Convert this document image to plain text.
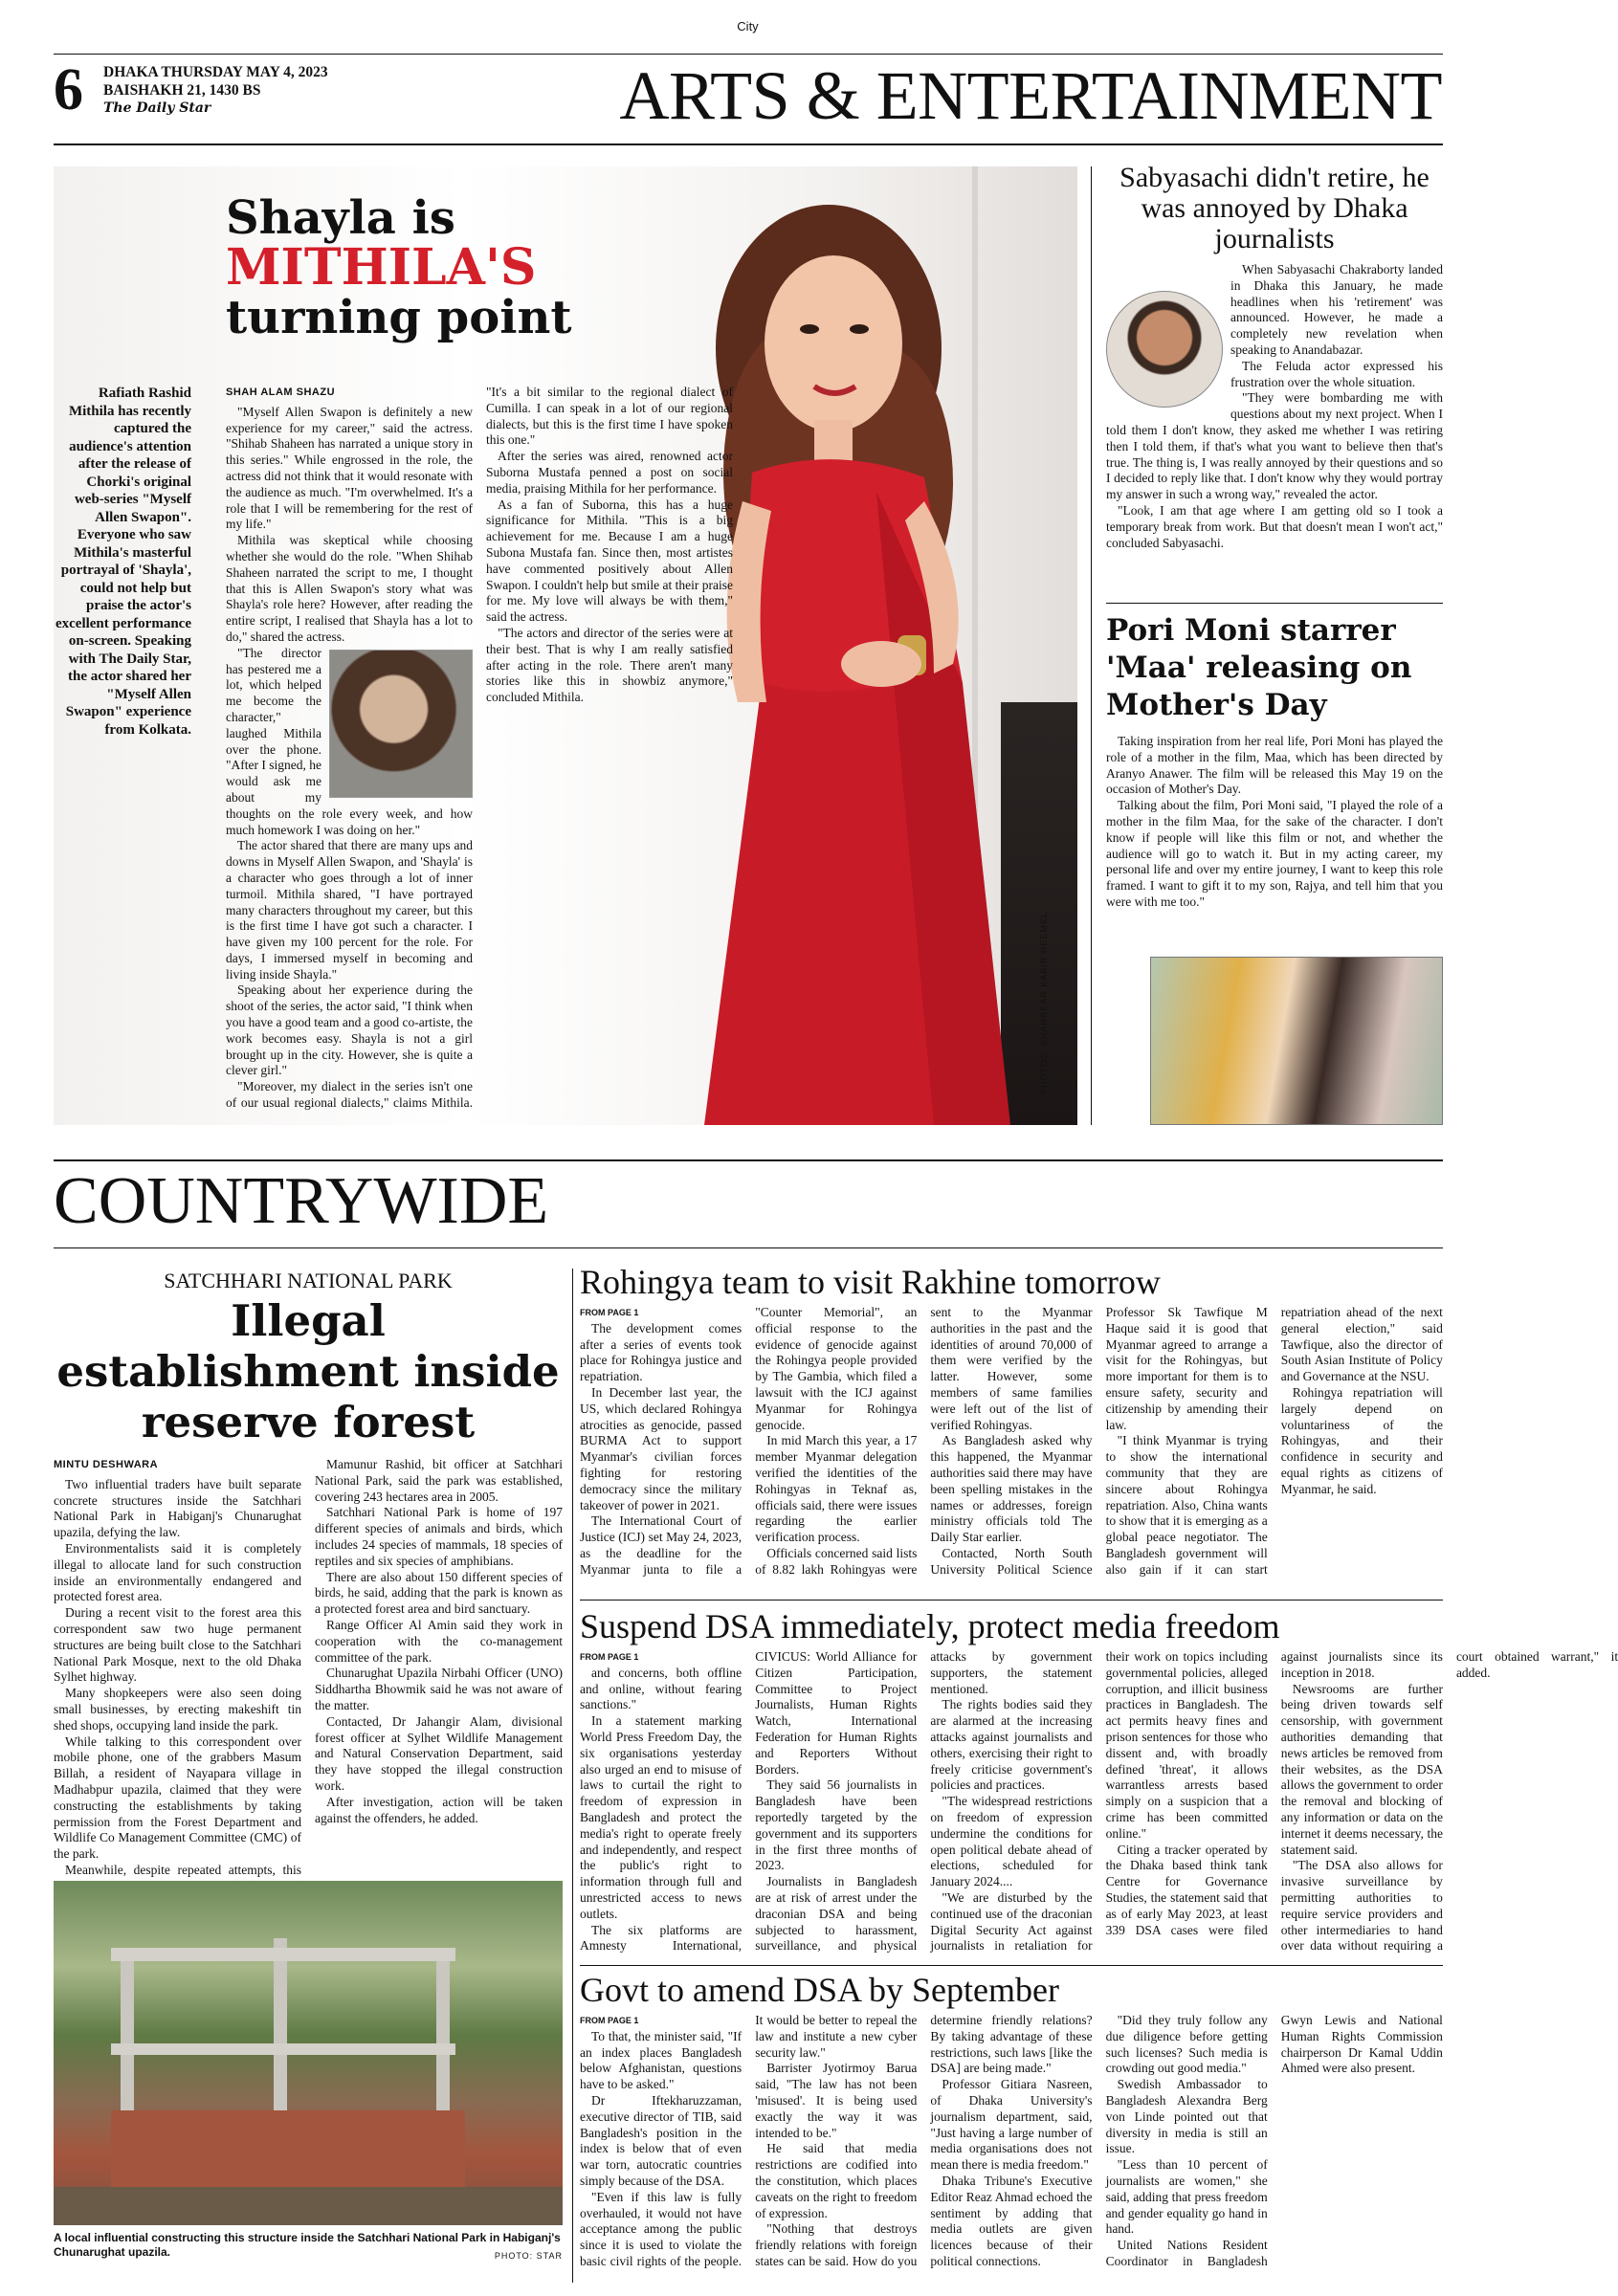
City
6 DHAKA THURSDAY MAY 4, 2023
BAISHAKH 21, 1430 BS
The Daily Star	ARTS & ENTERTAINMENT
PHOTOS: SHAHREAR KABIR HEEMEL
Shayla is
MITHILA'S
turning point
Rafiath Rashid Mithila has recently captured the audience's attention after the release of Chorki's original web-series "Myself Allen Swapon". Everyone who saw Mithila's masterful portrayal of 'Shayla', could not help but praise the actor's excellent performance on-screen. Speaking with The Daily Star, the actor shared her "Myself Allen Swapon" experience from Kolkata.
SHAH ALAM SHAZU

"Myself Allen Swapon is definitely a new experience for my career," said the actress. "Shihab Shaheen has narrated a unique story in this series." While engrossed in the role, the actress did not think that it would resonate with the audience as much. "I'm overwhelmed. It's a role that I will be remembering for the rest of my life."

Mithila was skeptical while choosing whether she would do the role. "When Shihab Shaheen narrated the script to me, I thought that this is Allen Swapon's story what was Shayla's role here? However, after reading the entire script, I realised that Shayla has a lot to do," shared the actress.

"The director has pestered me a lot, which helped me become the character," laughed Mithila over the phone. "After I signed, he would ask me about my thoughts on the role every week, and how much homework I was doing on her."

The actor shared that there are many ups and downs in Myself Allen Swapon, and 'Shayla' is a character who goes through a lot of inner turmoil. Mithila shared, "I have portrayed many characters throughout my career, but this is the first time I have got such a character. I have given my 100 percent for the role. For days, I immersed myself in becoming and living inside Shayla."

Speaking about her experience during the shoot of the series, the actor said, "I think when you have a good team and a good co-artiste, the work becomes easy. Shayla is not a girl brought up in the city. However, she is quite a clever girl."

"Moreover, my dialect in the series isn't one of our usual regional dialects," claims Mithila. "It's a bit similar to the regional dialect of Cumilla. I can speak in a lot of our regional dialects, but this is the first time I have spoken this one."

After the series was aired, renowned actor Suborna Mustafa penned a post on social media, praising Mithila for her performance.

As a fan of Suborna, this has a huge significance for Mithila. "This is a big achievement for me. Because I am a huge Subona Mustafa fan. Since then, most artistes have commented positively about Allen Swapon. I couldn't help but smile at their praise for me. My love will always be with them," said the actress.

"The actors and director of the series were at their best. That is why I am really satisfied after acting in the role. There aren't many stories like this in showbiz anymore," concluded Mithila.

Sabyasachi didn't retire, he was annoyed by Dhaka journalists

When Sabyasachi Chakraborty landed in Dhaka this January, he made headlines when his 'retirement' was announced. However, he made a completely new revelation when speaking to Anandabazar.

The Feluda actor expressed his frustration over the whole situation.

"They were bombarding me with questions about my next project. When I told them I don't know, they asked me whether I was retiring then I told them, if that's what you want to believe then that's true. The thing is, I was really annoyed by their questions and so I decided to reply like that. I don't know why they would portray my answer in such a wrong way," revealed the actor.

"Look, I am that age where I am getting old so I took a temporary break from work. But that doesn't mean I won't act," concluded Sabyasachi.

Pori Moni starrer 'Maa' releasing on Mother's Day

Taking inspiration from her real life, Pori Moni has played the role of a mother in the film, Maa, which has been directed by Aranyo Anawer. The film will be released this May 19 on the occasion of Mother's Day.

Talking about the film, Pori Moni said, "I played the role of a mother in the film Maa, for the sake of the character. I don't know if people will like this film or not, and whether the audience will go to watch it. But in my acting career, my personal life and over my entire journey, I want to keep this role framed. I want to gift it to my son, Rajya, and tell him that you were with me too."

COUNTRYWIDE
SATCHHARI NATIONAL PARK
Illegal establishment inside reserve forest
MINTU DESHWARA

Two influential traders have built separate concrete structures inside the Satchhari National Park in Habiganj's Chunarughat upazila, defying the law.

Environmentalists said it is completely illegal to allocate land for such construction inside an environmentally endangered and protected forest area.

During a recent visit to the forest area this correspondent saw two huge permanent structures are being built close to the Satchhari National Park Mosque, next to the old Dhaka Sylhet highway.

Many shopkeepers were also seen doing small businesses, by erecting makeshift tin shed shops, occupying land inside the park.

While talking to this correspondent over mobile phone, one of the grabbers Masum Billah, a resident of Nayapara village in Madhabpur upazila, claimed that they were constructing the establishments by taking permission from the Forest Department and Wildlife Co Management Committee (CMC) of the park.

Meanwhile, despite repeated attempts, this

Mamunur Rashid, bit officer at Satchhari National Park, said the park was established, covering 243 hectares area in 2005.

Satchhari National Park is home of 197 different species of animals and birds, which includes 24 species of mammals, 18 species of reptiles and six species of amphibians.

There are also about 150 different species of birds, he said, adding that the park is known as a protected forest area and bird sanctuary.

Range Officer Al Amin said they work in cooperation with the co-management committee of the park.

Chunarughat Upazila Nirbahi Officer (UNO) Siddhartha Bhowmik said he was not aware of the matter.

Contacted, Dr Jahangir Alam, divisional forest officer at Sylhet Wildlife Management and Natural Conservation Department, said they have stopped the illegal construction work.

After investigation, action will be taken against the offenders, he added.

A local influential constructing this structure inside the Satchhari National Park in Habiganj's Chunarughat upazila.	PHOTO: STAR
Rohingya team to visit Rakhine tomorrow
FROM PAGE 1

The development comes after a series of events took place for Rohingya justice and repatriation.

In December last year, the US, which declared Rohingya atrocities as genocide, passed BURMA Act to support Myanmar's civilian forces fighting for restoring democracy since the military takeover of power in 2021.

The International Court of Justice (ICJ) set May 24, 2023, as the deadline for the Myanmar junta to file a "Counter Memorial", an official response to the evidence of genocide against the Rohingya people provided by The Gambia, which filed a lawsuit with the ICJ against Myanmar for Rohingya genocide.

In mid March this year, a 17 member Myanmar delegation verified the identities of the Rohingyas in Teknaf as, officials said, there were issues regarding the earlier verification process.

Officials concerned said lists of 8.82 lakh Rohingyas were sent to the Myanmar authorities in the past and the identities of around 70,000 of them were verified by the latter. However, some members of same families were left out of the list of verified Rohingyas.

As Bangladesh asked why this happened, the Myanmar authorities said there may have been spelling mistakes in the names or addresses, foreign ministry officials told The Daily Star earlier.

Contacted, North South University Political Science Professor Sk Tawfique M Haque said it is good that Myanmar agreed to arrange a visit for the Rohingyas, but more important for them is to ensure safety, security and citizenship by amending their law.

"I think Myanmar is trying to show the international community that they are sincere about Rohingya repatriation. Also, China wants to show that it is emerging as a global peace negotiator. The Bangladesh government will also gain if it can start repatriation ahead of the next general election," said Tawfique, also the director of South Asian Institute of Policy and Governance at the NSU.

Rohingya repatriation will largely depend on voluntariness of the Rohingyas, and their confidence in security and equal rights as citizens of Myanmar, he said.

Suspend DSA immediately, protect media freedom
FROM PAGE 1

and concerns, both offline and online, without fearing sanctions."

In a statement marking World Press Freedom Day, the six organisations yesterday also urged an end to misuse of laws to curtail the right to freedom of expression in Bangladesh and protect the media's right to operate freely and independently, and respect the public's right to information through full and unrestricted access to news outlets.

The six platforms are Amnesty International, CIVICUS: World Alliance for Citizen Participation, Committee to Project Journalists, Human Rights Watch, International Federation for Human Rights and Reporters Without Borders.

They said 56 journalists in Bangladesh have been reportedly targeted by the government and its supporters in the first three months of 2023.

Journalists in Bangladesh are at risk of arrest under the draconian DSA and being subjected to harassment, surveillance, and physical attacks by government supporters, the statement mentioned.

The rights bodies said they are alarmed at the increasing attacks against journalists and others, exercising their right to freely criticise government's policies and practices.

"The widespread restrictions on freedom of expression undermine the conditions for open political debate ahead of elections, scheduled for January 2024....

"We are disturbed by the continued use of the draconian Digital Security Act against journalists in retaliation for their work on topics including governmental policies, alleged corruption, and illicit business practices in Bangladesh. The act permits heavy fines and prison sentences for those who dissent and, with broadly defined 'threat', it allows warrantless arrests based simply on a suspicion that a crime has been committed online."

Citing a tracker operated by the Dhaka based think tank Centre for Governance Studies, the statement said that as of early May 2023, at least 339 DSA cases were filed against journalists since its inception in 2018.

Newsrooms are further being driven towards self censorship, with government authorities demanding that news articles be removed from their websites, as the DSA allows the government to order the removal and blocking of any information or data on the internet it deems necessary, the statement said.

"The DSA also allows for invasive surveillance by permitting authorities to require service providers and other intermediaries to hand over data without requiring a court obtained warrant," it added.

Govt to amend DSA by September
FROM PAGE 1

To that, the minister said, "If an index places Bangladesh below Afghanistan, questions have to be asked."

Dr Iftekharuzzaman, executive director of TIB, said Bangladesh's position in the index is below that of even war torn, autocratic countries simply because of the DSA.

"Even if this law is fully overhauled, it would not have acceptance among the public since it is used to violate the basic civil rights of the people. It would be better to repeal the law and institute a new cyber security law."

Barrister Jyotirmoy Barua said, "The law has not been 'misused'. It is being used exactly the way it was intended to be."

He said that media restrictions are codified into the constitution, which places caveats on the right to freedom of expression.

"Nothing that destroys friendly relations with foreign states can be said. How do you determine friendly relations? By taking advantage of these restrictions, such laws [like the DSA] are being made."

Professor Gitiara Nasreen, of Dhaka University's journalism department, said, "Just having a large number of media organisations does not mean there is media freedom."

Dhaka Tribune's Executive Editor Reaz Ahmad echoed the sentiment by adding that media outlets are given licences because of their political connections.

"Did they truly follow any due diligence before getting such licenses? Such media is crowding out good media."

Swedish Ambassador to Bangladesh Alexandra Berg von Linde pointed out that diversity in media is still an issue.

"Less than 10 percent of journalists are women," she said, adding that press freedom and gender equality go hand in hand.

United Nations Resident Coordinator in Bangladesh Gwyn Lewis and National Human Rights Commission chairperson Dr Kamal Uddin Ahmed were also present.
